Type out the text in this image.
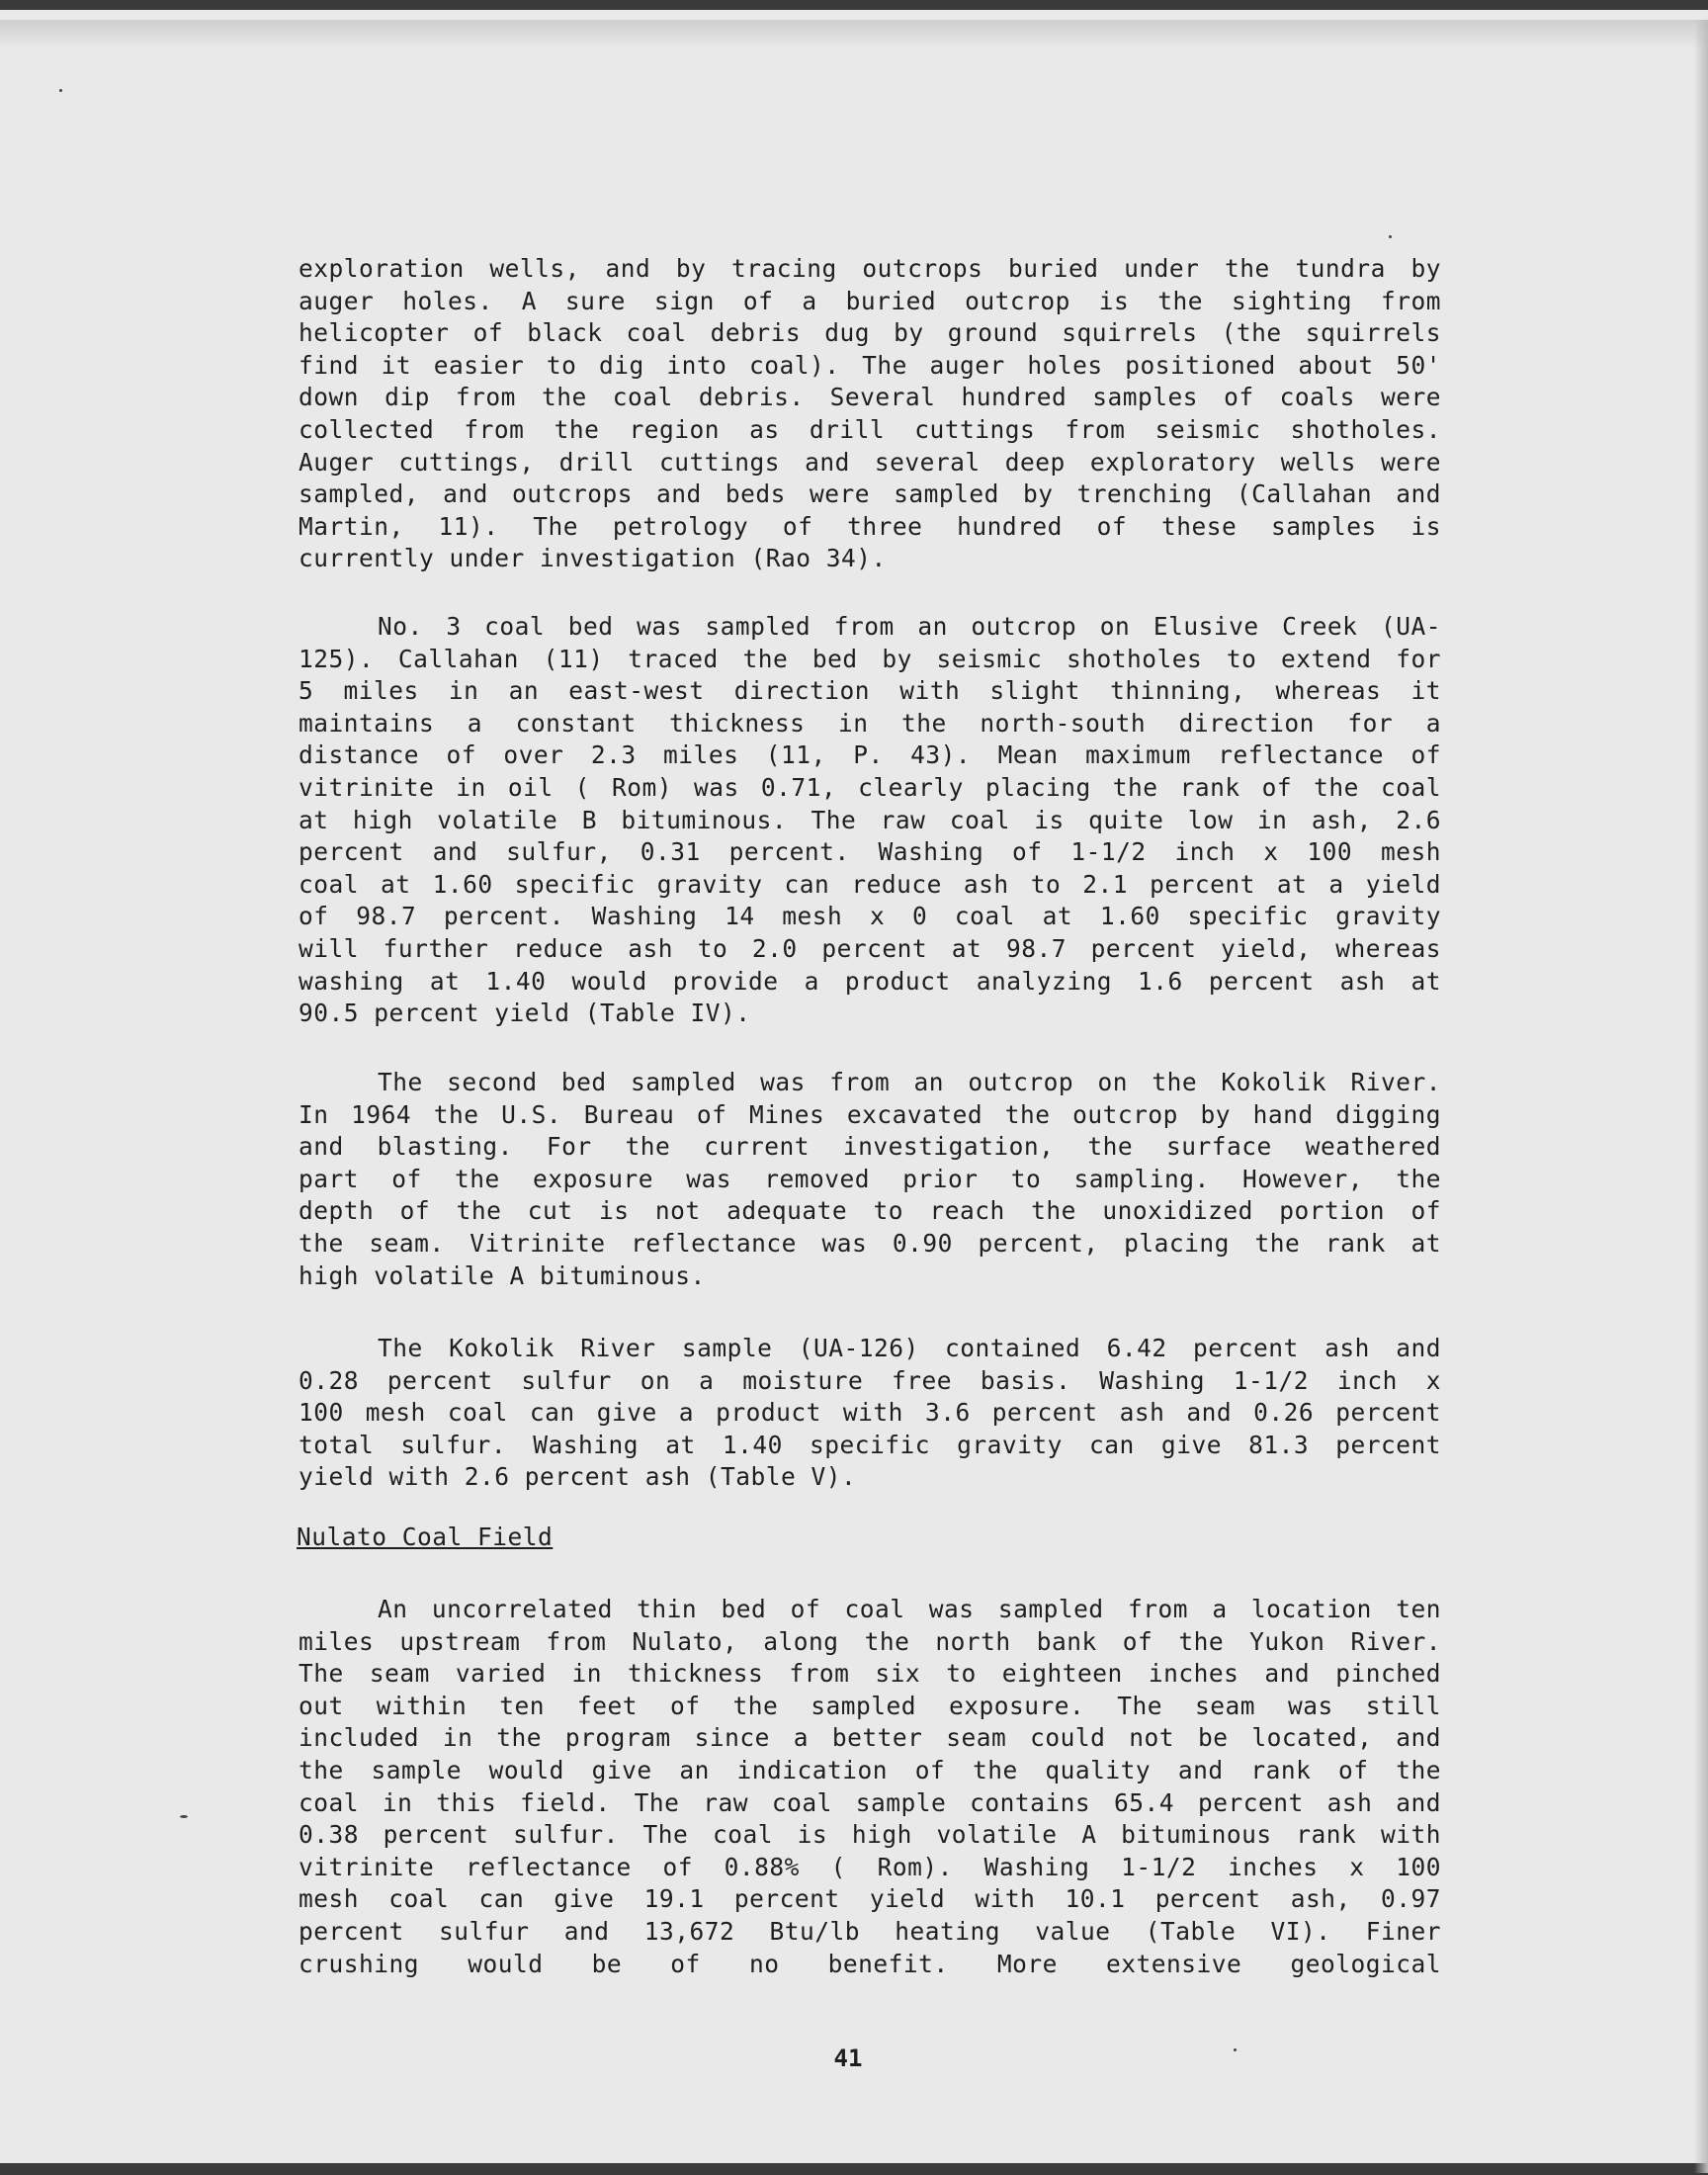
exploration wells, and by tracing outcrops buried under the tundra by
auger holes. A sure sign of a buried outcrop is the sighting from
helicopter of black coal debris dug by ground squirrels (the squirrels
find it easier to dig into coal). The auger holes positioned about 50'
down dip from the coal debris. Several hundred samples of coals were
collected from the region as drill cuttings from seismic shotholes.
Auger cuttings, drill cuttings and several deep exploratory wells were
sampled, and outcrops and beds were sampled by trenching (Callahan and
Martin, 11). The petrology of three hundred of these samples is
currently under investigation (Rao 34).
No. 3 coal bed was sampled from an outcrop on Elusive Creek (UA-
125). Callahan (11) traced the bed by seismic shotholes to extend for
5 miles in an east-west direction with slight thinning, whereas it
maintains a constant thickness in the north-south direction for a
distance of over 2.3 miles (11, P. 43). Mean maximum reflectance of
vitrinite in oil ( Rom) was 0.71, clearly placing the rank of the coal
at high volatile B bituminous. The raw coal is quite low in ash, 2.6
percent and sulfur, 0.31 percent. Washing of 1-1/2 inch x 100 mesh
coal at 1.60 specific gravity can reduce ash to 2.1 percent at a yield
of 98.7 percent. Washing 14 mesh x 0 coal at 1.60 specific gravity
will further reduce ash to 2.0 percent at 98.7 percent yield, whereas
washing at 1.40 would provide a product analyzing 1.6 percent ash at
90.5 percent yield (Table IV).
The second bed sampled was from an outcrop on the Kokolik River.
In 1964 the U.S. Bureau of Mines excavated the outcrop by hand digging
and blasting. For the current investigation, the surface weathered
part of the exposure was removed prior to sampling. However, the
depth of the cut is not adequate to reach the unoxidized portion of
the seam. Vitrinite reflectance was 0.90 percent, placing the rank at
high volatile A bituminous.
The Kokolik River sample (UA-126) contained 6.42 percent ash and
0.28 percent sulfur on a moisture free basis. Washing 1-1/2 inch x
100 mesh coal can give a product with 3.6 percent ash and 0.26 percent
total sulfur. Washing at 1.40 specific gravity can give 81.3 percent
yield with 2.6 percent ash (Table V).
Nulato Coal Field
An uncorrelated thin bed of coal was sampled from a location ten
miles upstream from Nulato, along the north bank of the Yukon River.
The seam varied in thickness from six to eighteen inches and pinched
out within ten feet of the sampled exposure. The seam was still
included in the program since a better seam could not be located, and
the sample would give an indication of the quality and rank of the
coal in this field. The raw coal sample contains 65.4 percent ash and
0.38 percent sulfur. The coal is high volatile A bituminous rank with
vitrinite reflectance of 0.88% ( Rom). Washing 1-1/2 inches x 100
mesh coal can give 19.1 percent yield with 10.1 percent ash, 0.97
percent sulfur and 13,672 Btu/lb heating value (Table VI). Finer
crushing would be of no benefit. More extensive geological
41
